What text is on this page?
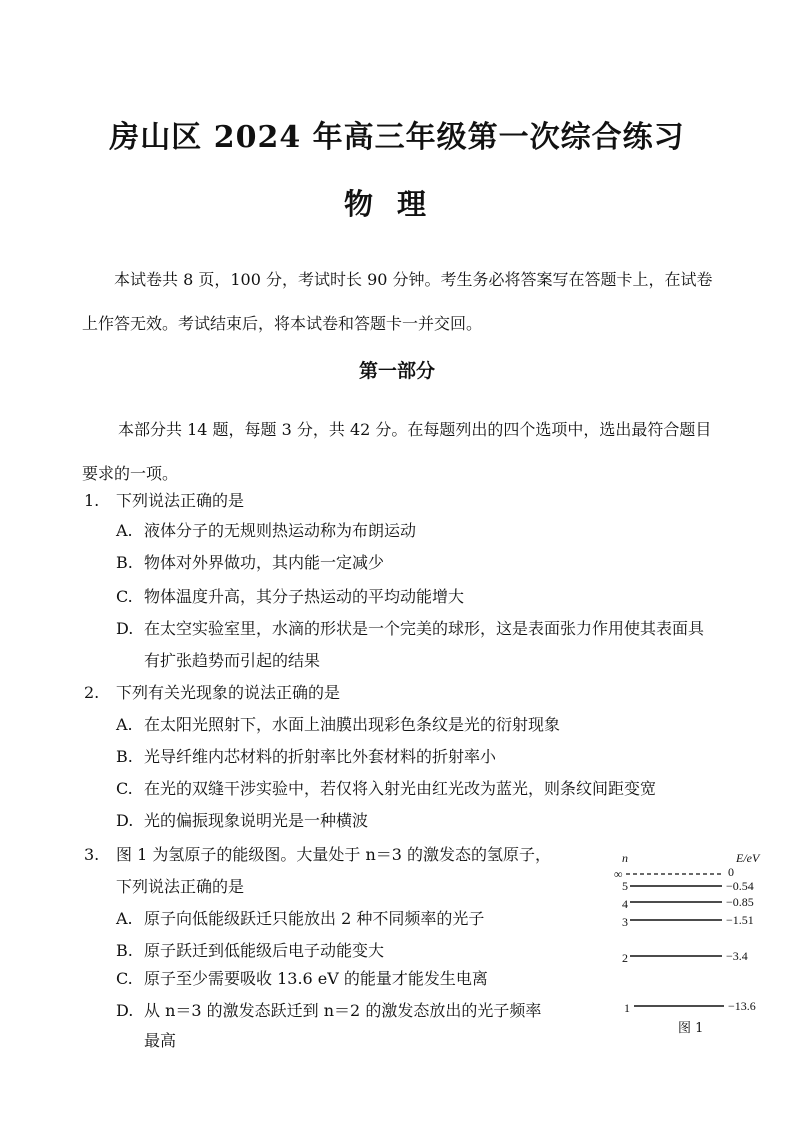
房山区 2024 年高三年级第一次综合练习
物理
本试卷共 8 页，100 分，考试时长 90 分钟。考生务必将答案写在答题卡上，在试卷
上作答无效。考试结束后，将本试卷和答题卡一并交回。
第一部分
本部分共 14 题，每题 3 分，共 42 分。在每题列出的四个选项中，选出最符合题目
要求的一项。
1. 下列说法正确的是
A. 液体分子的无规则热运动称为布朗运动
B. 物体对外界做功，其内能一定减少
C. 物体温度升高，其分子热运动的平均动能增大
D. 在太空实验室里，水滴的形状是一个完美的球形，这是表面张力作用使其表面具
有扩张趋势而引起的结果
2. 下列有关光现象的说法正确的是
A. 在太阳光照射下，水面上油膜出现彩色条纹是光的衍射现象
B. 光导纤维内芯材料的折射率比外套材料的折射率小
C. 在光的双缝干涉实验中，若仅将入射光由红光改为蓝光，则条纹间距变宽
D. 光的偏振现象说明光是一种横波
3. 图 1 为氢原子的能级图。大量处于 n＝3 的激发态的氢原子，
下列说法正确的是
A. 原子向低能级跃迁只能放出 2 种不同频率的光子
B. 原子跃迁到低能级后电子动能变大
C. 原子至少需要吸收 13.6 eV 的能量才能发生电离
D. 从 n＝3 的激发态跃迁到 n＝2 的激发态放出的光子频率
最高
n	E/eV
∞	0
5	−0.54
4	−0.85
3	−1.51
2	−3.4
1	−13.6
图 1
